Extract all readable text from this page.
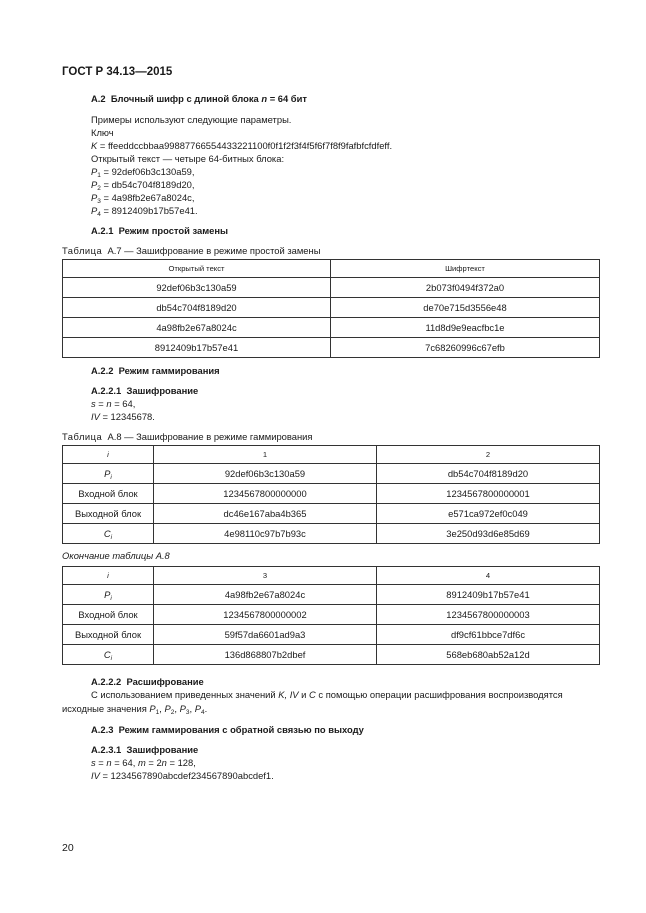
ГОСТ Р 34.13—2015
А.2 Блочный шифр с длиной блока n = 64 бит
Примеры используют следующие параметры.
Ключ
K = ffeeddccbbaa99887766554433221100f0f1f2f3f4f5f6f7f8f9fafbfcfdfeff.
Открытый текст — четыре 64-битных блока:
$P_1 = 92def06b3c130a59$,
$P_2 = db54c704f8189d20$,
$P_3 = 4a98fb2e67a8024c$,
$P_4 = 8912409b17b57e41$.
А.2.1 Режим простой замены
Таблица А.7 — Зашифрование в режиме простой замены
Открытый текст	Шифртекст
92def06b3c130a59	2b073f0494f372a0
db54c704f8189d20	de70e715d3556e48
4a98fb2e67a8024c	11d8d9e9eacfbc1e
8912409b17b57e41	7c68260996c67efb
А.2.2 Режим гаммирования
А.2.2.1 Зашифрование
s = n = 64,
IV = 12345678.
Таблица А.8 — Зашифрование в режиме гаммирования
i	1	2
$P_i$	92def06b3c130a59	db54c704f8189d20
Входной блок	1234567800000000	1234567800000001
Выходной блок	dc46e167aba4b365	e571ca972ef0c049
$C_i$	4e98110c97b7b93c	3e250d93d6e85d69
Окончание таблицы А.8
i	3	4
$P_i$	4a98fb2e67a8024c	8912409b17b57e41
Входной блок	1234567800000002	1234567800000003
Выходной блок	59f57da6601ad9a3	df9cf61bbce7df6c
$C_i$	136d868807b2dbef	568eb680ab52a12d
А.2.2.2 Расшифрование
С использованием приведенных значений K, IV и C с помощью операции расшифрования воспроизводятся
исходные значения $P_1$, $P_2$, $P_3$, $P_4$.
А.2.3 Режим гаммирования с обратной связью по выходу
А.2.3.1 Зашифрование
s = n = 64, m = 2n = 128,
IV = 1234567890abcdef234567890abcdef1.
20
